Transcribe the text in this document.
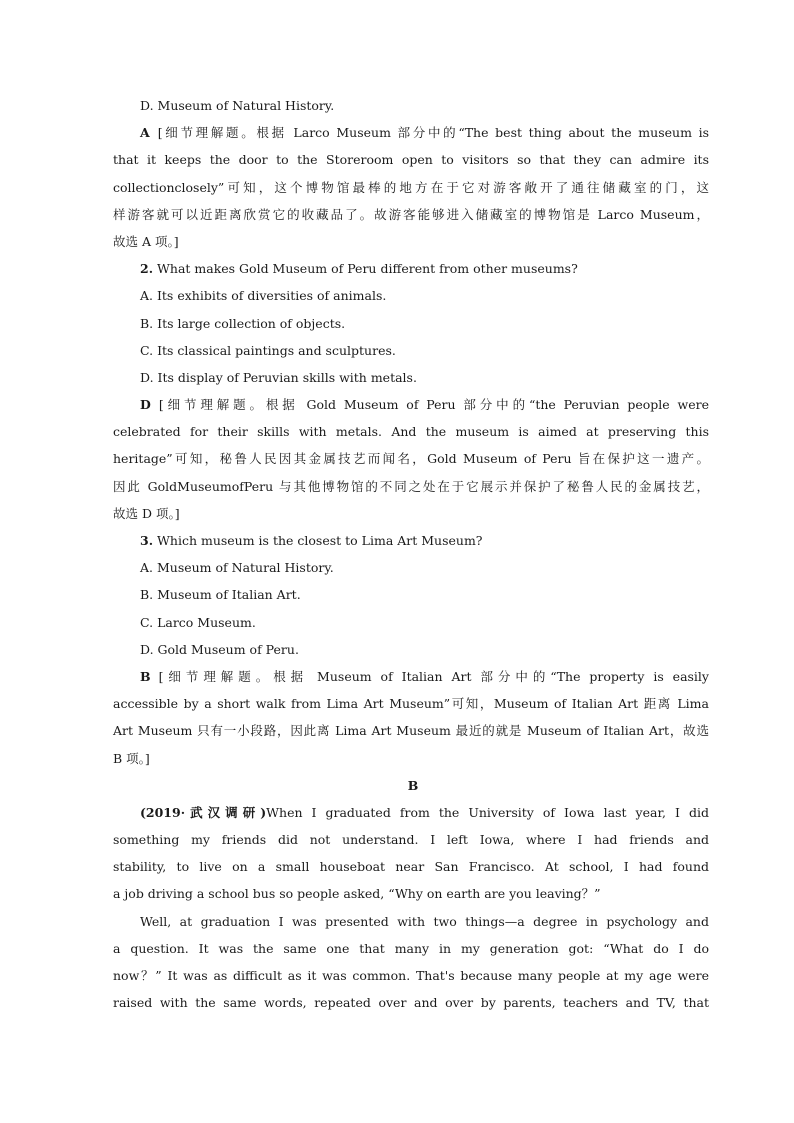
D. Museum of Natural History.
A [细节理解题。根据 Larco Museum 部分中的“The best thing about the museum is
that it keeps the door to the Storeroom open to visitors so that they can admire its
collectionclosely”可知，这个博物馆最棒的地方在于它对游客敞开了通往储藏室的门，这
样游客就可以近距离欣赏它的收藏品了。故游客能够进入储藏室的博物馆是 Larco Museum，
故选 A 项。]
2. What makes Gold Museum of Peru different from other museums?
A. Its exhibits of diversities of animals.
B. Its large collection of objects.
C. Its classical paintings and sculptures.
D. Its display of Peruvian skills with metals.
D [细节理解题。根据 Gold Museum of Peru 部分中的“the Peruvian people were
celebrated for their skills with metals. And the museum is aimed at preserving this
heritage”可知，秘鲁人民因其金属技艺而闻名，Gold Museum of Peru 旨在保护这一遗产。
因此 GoldMuseumofPeru 与其他博物馆的不同之处在于它展示并保护了秘鲁人民的金属技艺，
故选 D 项。]
3. Which museum is the closest to Lima Art Museum?
A. Museum of Natural History.
B. Museum of Italian Art.
C. Larco Museum.
D. Gold Museum of Peru.
B [细节理解题。根据 Museum of Italian Art 部分中的“The property is easily
accessible by a short walk from Lima Art Museum”可知，Museum of Italian Art 距离 Lima
Art Museum 只有一小段路，因此离 Lima Art Museum 最近的就是 Museum of Italian Art，故选
B 项。]
B
(2019·武汉调研)When I graduated from the University of Iowa last year, I did
something my friends did not understand. I left Iowa, where I had friends and
stability, to live on a small houseboat near San Francisco. At school, I had found
a job driving a school bus so people asked, “Why on earth are you leaving？”
Well, at graduation I was presented with two things—a degree in psychology and
a question. It was the same one that many in my generation got: “What do I do
now？” It was as difficult as it was common. That's because many people at my age were
raised with the same words, repeated over and over by parents, teachers and TV, that
